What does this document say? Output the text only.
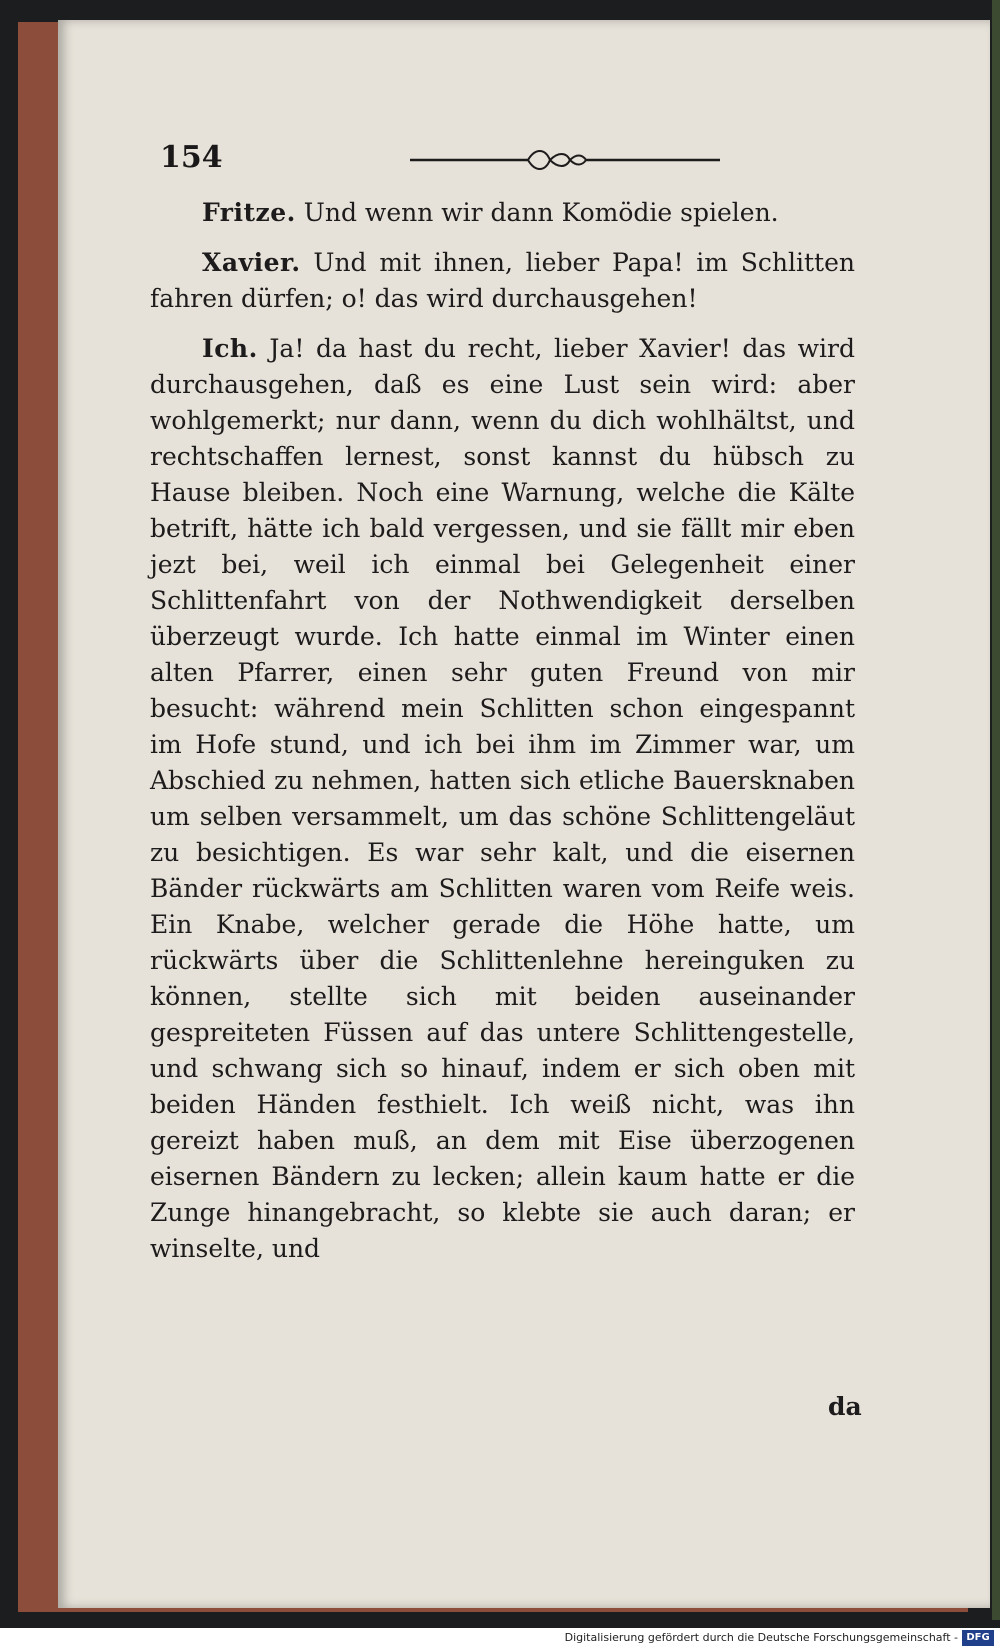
154

Fritze. Und wenn wir dann Komödie spielen.

Xavier. Und mit ihnen, lieber Papa! im Schlitten fahren dürfen; o! das wird durchausgehen!

Ich. Ja! da hast du recht, lieber Xavier! das wird durchausgehen, daß es eine Lust sein wird: aber wohlgemerkt; nur dann, wenn du dich wohlhältst, und rechtschaffen lernest, sonst kannst du hübsch zu Hause bleiben. Noch eine Warnung, welche die Kälte betrift, hätte ich bald vergessen, und sie fällt mir eben jezt bei, weil ich einmal bei Gelegenheit einer Schlittenfahrt von der Nothwendigkeit derselben überzeugt wurde. Ich hatte einmal im Winter einen alten Pfarrer, einen sehr guten Freund von mir besucht: während mein Schlitten schon eingespannt im Hofe stund, und ich bei ihm im Zimmer war, um Abschied zu nehmen, hatten sich etliche Bauersknaben um selben versammelt, um das schöne Schlittengeläut zu besichtigen. Es war sehr kalt, und die eisernen Bänder rückwärts am Schlitten waren vom Reife weis. Ein Knabe, welcher gerade die Höhe hatte, um rückwärts über die Schlittenlehne hereinguken zu können, stellte sich mit beiden auseinander gespreiteten Füssen auf das untere Schlittengestelle, und schwang sich so hinauf, indem er sich oben mit beiden Händen festhielt. Ich weiß nicht, was ihn gereizt haben muß, an dem mit Eise überzogenen eisernen Bändern zu lecken; allein kaum hatte er die Zunge hinangebracht, so klebte sie auch daran; er winselte, und

da
Digitalisierung gefördert durch die Deutsche Forschungsgemeinschaft - DFG
